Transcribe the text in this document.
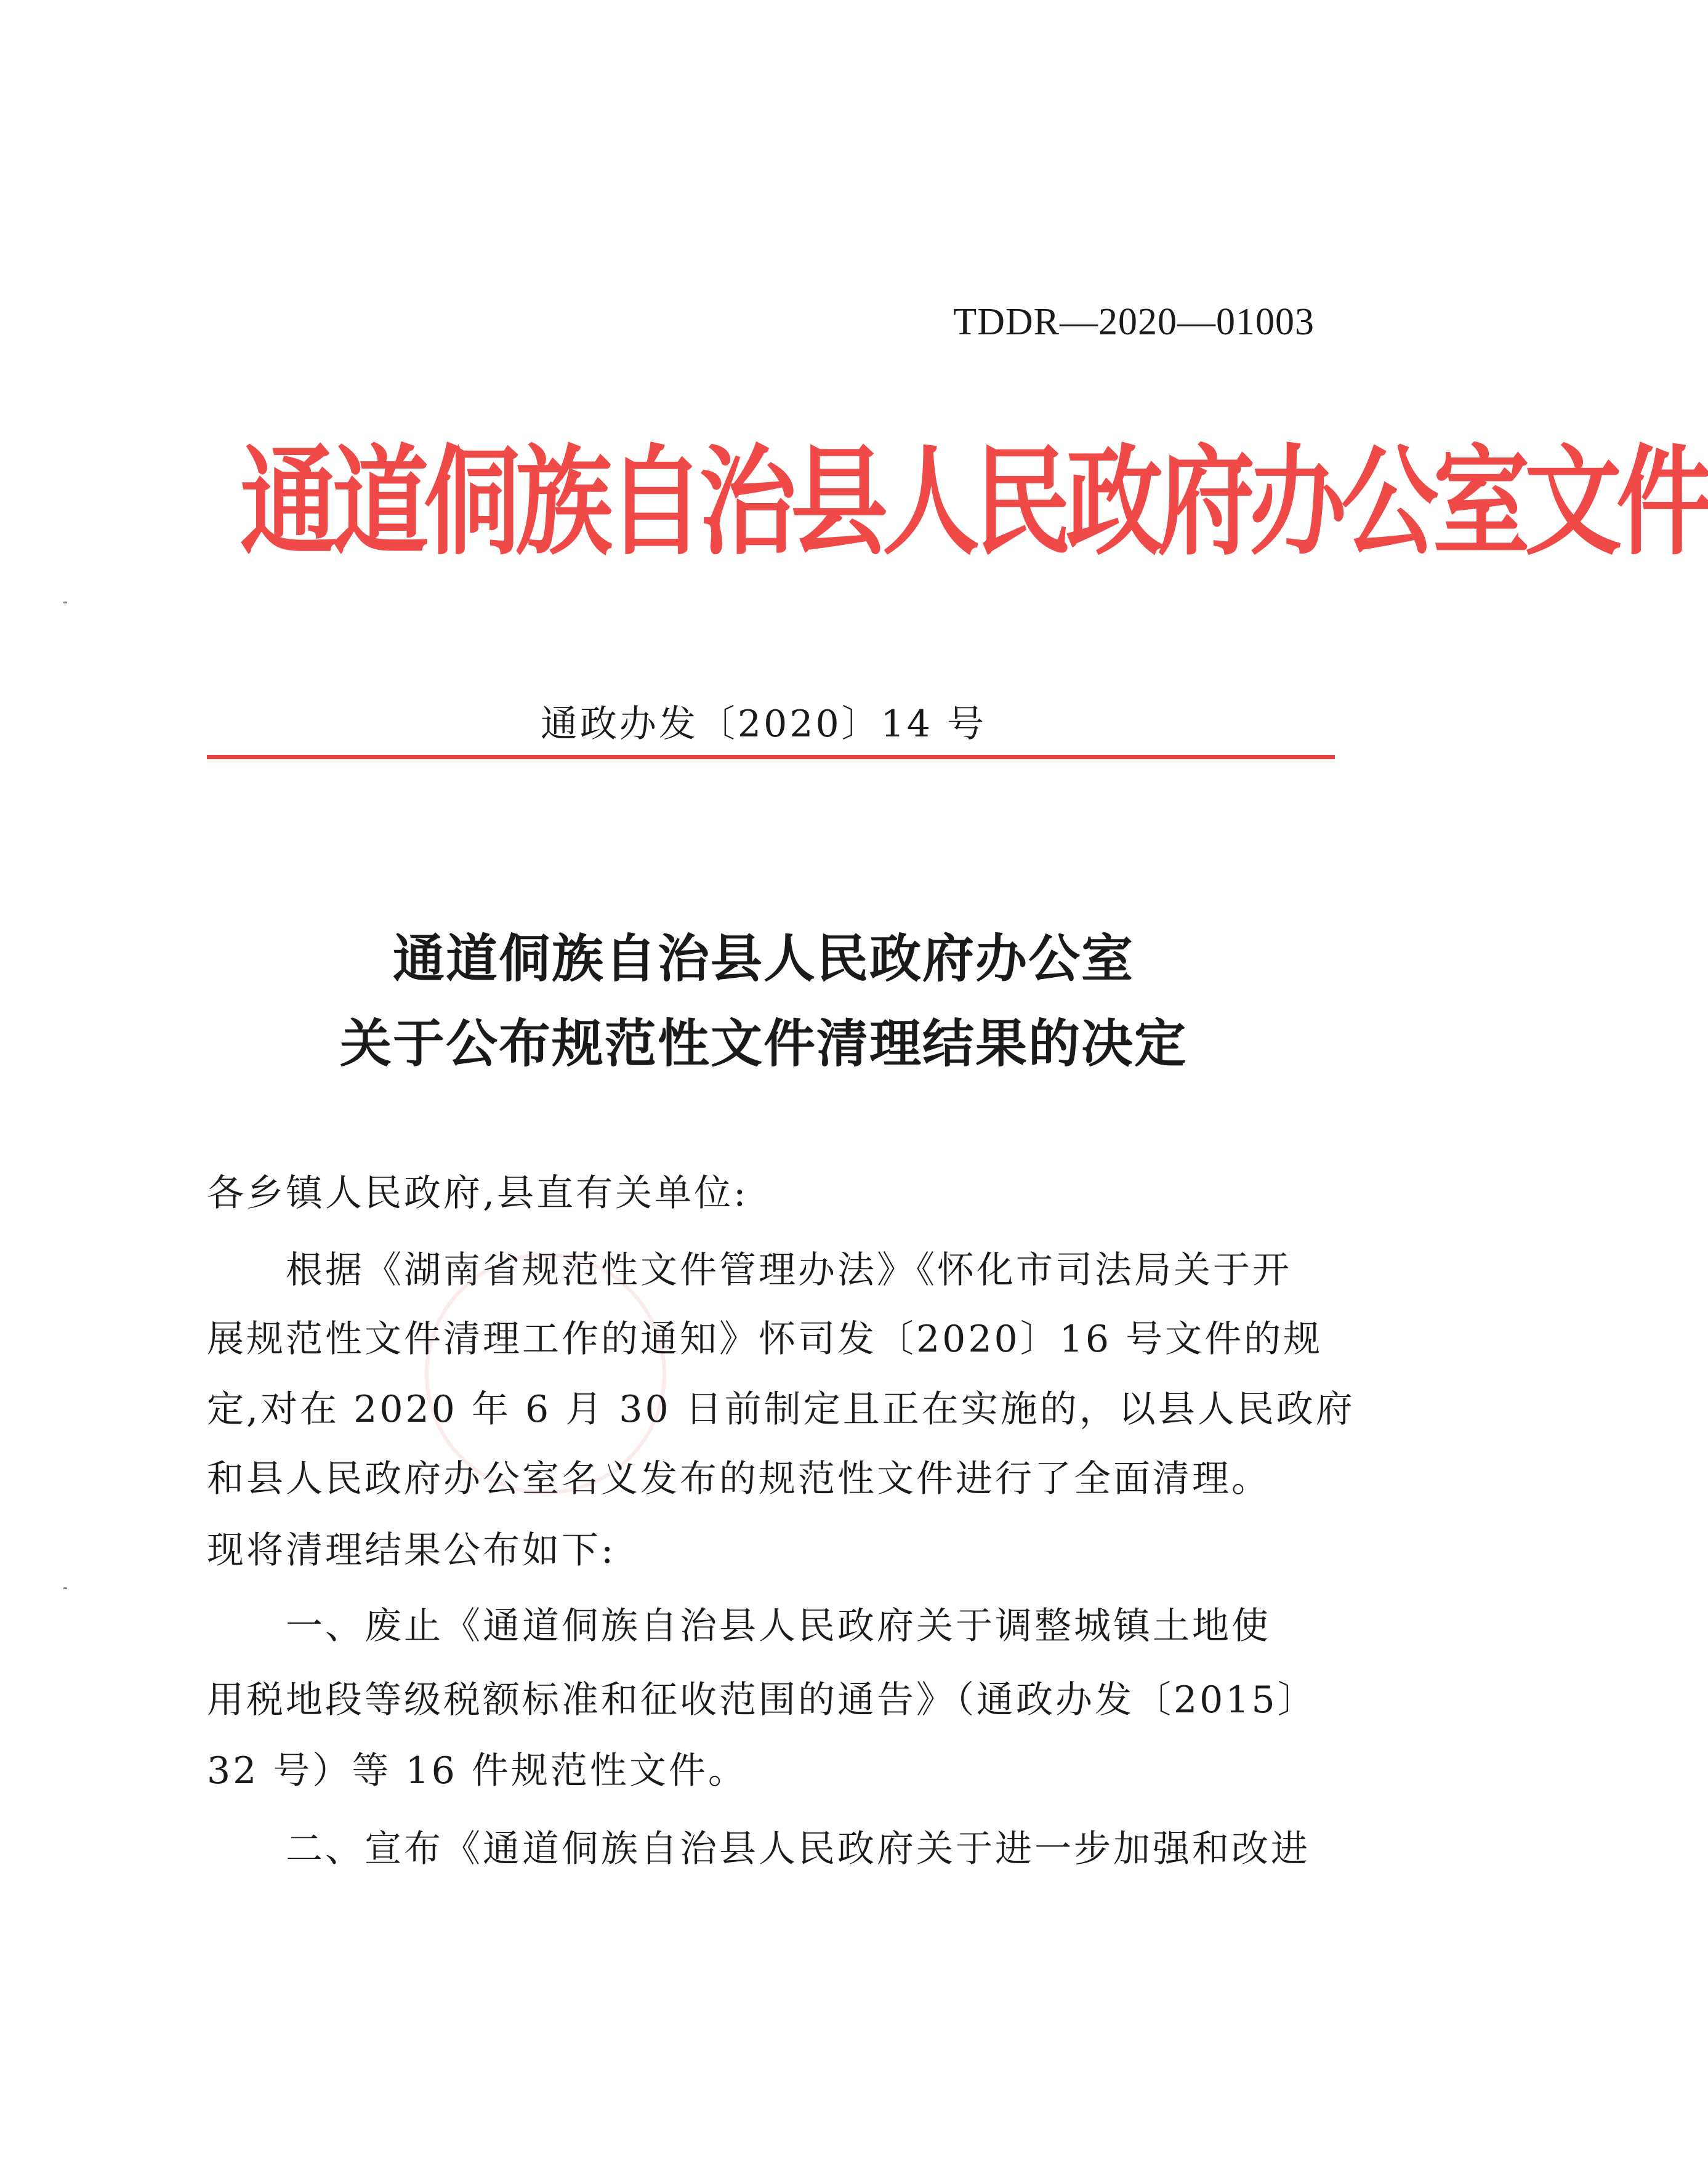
TDDR—2020—01003
通道侗族自治县人民政府办公室文件
通政办发〔2020〕14 号
通道侗族自治县人民政府办公室
关于公布规范性文件清理结果的决定
各乡镇人民政府,县直有关单位:
　　根据《湖南省规范性文件管理办法》《怀化市司法局关于开
展规范性文件清理工作的通知》怀司发〔2020〕16 号文件的规
定,对在 2020 年 6 月 30 日前制定且正在实施的，以县人民政府
和县人民政府办公室名义发布的规范性文件进行了全面清理。
现将清理结果公布如下:
　　一、废止《通道侗族自治县人民政府关于调整城镇土地使
用税地段等级税额标准和征收范围的通告》（通政办发〔2015〕
32 号）等 16 件规范性文件。
　　二、宣布《通道侗族自治县人民政府关于进一步加强和改进
